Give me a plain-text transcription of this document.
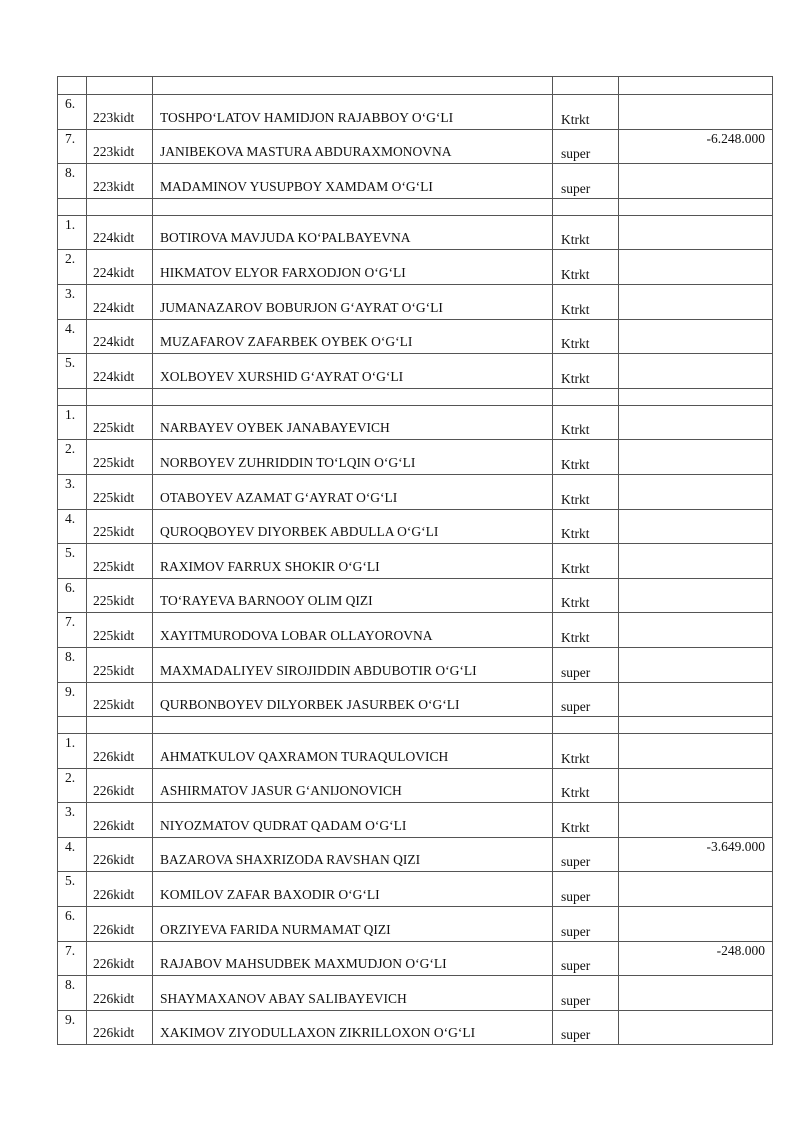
6.	223kidt	TOSHPOʻLATOV HAMIDJON RAJABBOY OʻGʻLI	Ktrkt	

7.	223kidt	JANIBEKOVA MASTURA ABDURAXMONOVNA	super	-6.248.000

8.	223kidt	MADAMINOV YUSUPBOY XAMDAM OʻGʻLI	super	

1.	224kidt	BOTIROVA MAVJUDA KOʻPALBAYEVNA	Ktrkt	

2.	224kidt	HIKMATOV ELYOR FARXODJON OʻGʻLI	Ktrkt	

3.	224kidt	JUMANAZAROV BOBURJON GʻAYRAT OʻGʻLI	Ktrkt	

4.	224kidt	MUZAFAROV ZAFARBEK OYBEK OʻGʻLI	Ktrkt	

5.	224kidt	XOLBOYEV XURSHID GʻAYRAT OʻGʻLI	Ktrkt	

1.	225kidt	NARBAYEV OYBEK JANABAYEVICH	Ktrkt	

2.	225kidt	NORBOYEV ZUHRIDDIN TOʻLQIN OʻGʻLI	Ktrkt	

3.	225kidt	OTABOYEV AZAMAT GʻAYRAT OʻGʻLI	Ktrkt	

4.	225kidt	QUROQBOYEV DIYORBEK ABDULLA OʻGʻLI	Ktrkt	

5.	225kidt	RAXIMOV FARRUX SHOKIR OʻGʻLI	Ktrkt	

6.	225kidt	TOʻRAYEVA BARNOOY OLIM QIZI	Ktrkt	

7.	225kidt	XAYITMURODOVA LOBAR OLLAYOROVNA	Ktrkt	

8.	225kidt	MAXMADALIYEV SIROJIDDIN ABDUBOTIR OʻGʻLI	super	

9.	225kidt	QURBONBOYEV DILYORBEK JASURBEK OʻGʻLI	super	

1.	226kidt	AHMATKULOV QAXRAMON TURAQULOVICH	Ktrkt	

2.	226kidt	ASHIRMATOV JASUR GʻANIJONOVICH	Ktrkt	

3.	226kidt	NIYOZMATOV QUDRAT QADAM OʻGʻLI	Ktrkt	

4.	226kidt	BAZAROVA SHAXRIZODA RAVSHAN QIZI	super	-3.649.000

5.	226kidt	KOMILOV ZAFAR BAXODIR OʻGʻLI	super	

6.	226kidt	ORZIYEVA FARIDA NURMAMAT QIZI	super	

7.	226kidt	RAJABOV MAHSUDBEK MAXMUDJON OʻGʻLI	super	-248.000

8.	226kidt	SHAYMAXANOV ABAY SALIBAYEVICH	super	

9.	226kidt	XAKIMOV ZIYODULLAXON ZIKRILLOXON OʻGʻLI	super	
